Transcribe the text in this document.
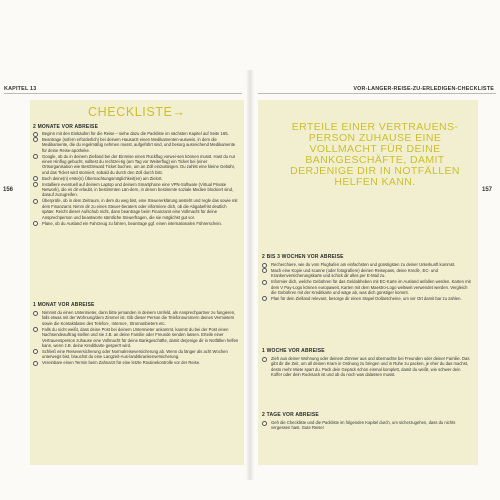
KAPITEL 13
156
CHECKLISTE→
2 MONATE VOR ABREISE
Beginn mit den Einkäufen für die Reise – siehe dazu die Packliste im nächsten Kapitel auf Seite 165.
Beantrage (sofern erforderlich) bei deinem Hausarzt einen Medikamenten-ausweis, in dem die Medikamente, die du regelmäßig nehmen musst, aufgeführt sind, und besorg ausreichend Medikamente für deine Reise-apotheke.
Google, ob du in deinem Zielland bei der Einreise einen Rückflug vorwei-sen können musst. Hast du nur einen Hinflug gebucht, solltest du rechtzei-tig (am Tag vor Weiterflug) ein Ticket bei (einer Ortsorganisation wie BestOnward Ticket buchen, um an Zoll einzusteigen. Du zahlst eine kleine Gebühr, und das Ticket wird storniert, sobald du durch den Zoll durch bist.
Buch deine(n) erste(n) Übernachtungsmöglichkeit(en) am Zielort.
Installiere eventuell auf deinem Laptop und deinem Smartphone eine VPN-Software (Virtual Private Network), die es dir erlaubt, in bestimmten Län-dern, in denen bestimmte soziale Medien blockiert sind, darauf zuzugreifen.
Überprüfe, ob in dem Zeitraum, in dem du weg bist, eine Steuererklärung ansteht und regle das sowie mit dem Finanzamt. Nimm dir zu eines Steuer-beraters oder informiere dich, ob die Abgabefrist deutlich später. Reicht dieser Aufschub nicht, dann beantrage beim Finanzamt eine Vollmacht für deine Ansprechperson und beantworte sämtliche Steuerfragen, die sie möglichst gut vor.
Plane, ob du Ausland ein Fahrzeug zu fahren, beantrage ggf. einen internationalen Führerschein.
1 MONAT VOR ABREISE
Nimmst du einen Untermieter, dann bitte jemanden in deinem Umfeld, als Ansprechpartner zu fungieren, falls etwas mit der Wohnung/dem Zimmer ist. Gib dieser Person die Telefonnummern deines Vermieters sowie die Kontaktdaten des Telefon-, Internet-, Stromanbieters etc.
Falls du nicht weißt, dass deine Post bei deinem Untermieter ankommt, kannst du bei der Post einen Nachsendeauftrag stellen und sie z.B. an deine Familie oder Freunde senden lassen. Erteile einer Vertrauensperson zuhause eine Vollmacht für deine Bankgeschäfte, damit derjenige dir in Notfällen helfen kann, wenn z.B. deine Kreditkarte gesperrt wird.
Schließ eine Reiseversicherung oder Normalreiseversicherung ab. Wenn du länger als acht Wochen unterwegs bist, brauchst du eine Langzeit-Aus-landskrankenversicherung.
Vereinbare einen Termin beim Zahnarzt für eine letzte Routinekontrolle vor der Reise.
VOR-LANGER-REISE-ZU-ERLEDIGEN-CHECKLISTE
157
ERTEILE EINER VERTRAUENS-PERSON ZUHAUSE EINE VOLLMACHT FÜR DEINE BANKGESCHÄFTE, DAMIT DERJENIGE DIR IN NOTFÄLLEN HELFEN KANN.
2 BIS 3 WOCHEN VOR ABREISE
Recherchiere, wie du vom Flughafen am einfachsten und günstigsten zu deiner Unterkunft kommst.
Mach eine Kopie und scanne (oder fotografiere) deinen Reisepass, deine Kredit-, EC- und Krankenversicherungskarte und schick dir alles per E-Mail zu.
Informier dich, welche Gebühren für das Geldabheben mit EC-Karte im Ausland anfallen werden. Karten mit dem V Pay-Logo können europaweit, Karten mit dem Maestro-Logo weltweit verwendet werden. Vergleich die Gebühren mit der Kreditkarte und wäge ab, was dich günstiger kommt.
Plan für dein Zielland relevant, besorge dir einen Stapel Dollarscheine, um vor Ort damit bar zu zahlen.
1 WOCHE VOR ABREISE
Zieh aus deiner Wohnung oder deinem Zimmer aus und übernachte bei Freunden oder deiner Familie. Das gibt dir die Zeit, um all deinen Kram in Ordnung zu bringen und in Ruhe zu packen, je eher du das machst, desto mehr Miete spart du. Pack dein Gepäck schon einmal komplett, damit du weißt, wie schwer dein Koffer oder dein Rucksack ist und ob du noch was dalassen musst.
2 TAGE VOR ABREISE
Geh die Checkliste und die Packliste im folgenden Kapitel durch, um sicherzugehen, dass du nichts vergessen hast. Gute Reise!
